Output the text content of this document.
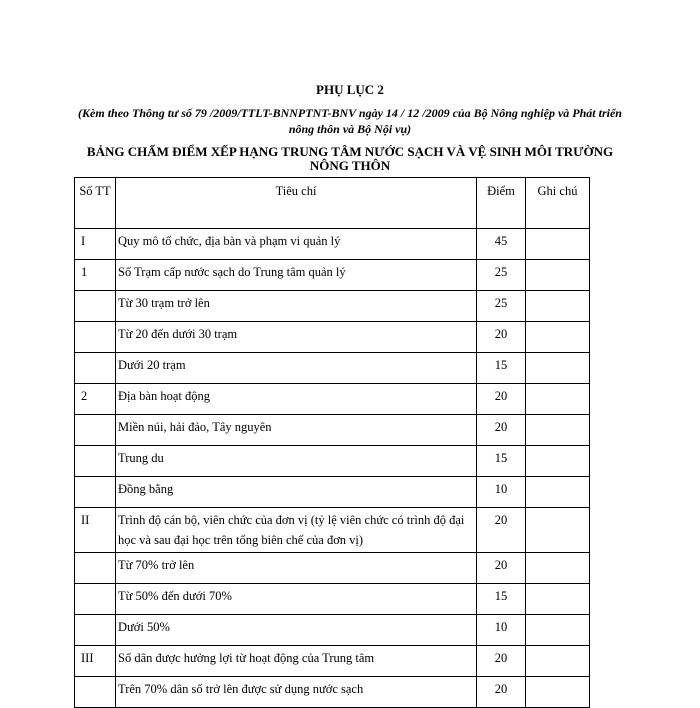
PHỤ LỤC 2
(Kèm theo Thông tư số 79 /2009/TTLT-BNNPTNT-BNV ngày 14 / 12 /2009 của Bộ Nông nghiệp và Phát triển nông thôn và Bộ Nội vụ)
BẢNG CHẤM ĐIỂM XẾP HẠNG TRUNG TÂM NƯỚC SẠCH VÀ VỆ SINH MÔI TRƯỜNG NÔNG THÔN
Số TT	Tiêu chí	Điểm	Ghi chú
I	Quy mô tổ chức, địa bàn và phạm vi quản lý	45	
1	Số Trạm cấp nước sạch do Trung tâm quản lý	25	
	Từ 30 trạm trở lên	25	
	Từ 20 đến dưới 30 trạm	20	
	Dưới 20 trạm	15	
2	Địa bàn hoạt động	20	
	Miền núi, hải đảo, Tây nguyên	20	
	Trung du	15	
	Đồng bằng	10	
II	Trình độ cán bộ, viên chức của đơn vị (tỷ lệ viên chức có trình độ đại học và sau đại học trên tổng biên chế của đơn vị)	20	
	Từ 70% trở lên	20	
	Từ 50% đến dưới 70%	15	
	Dưới 50%	10	
III	Số dân được hưởng lợi từ hoạt động của Trung tâm	20	
	Trên 70% dân số trở lên được sử dụng nước sạch	20	
